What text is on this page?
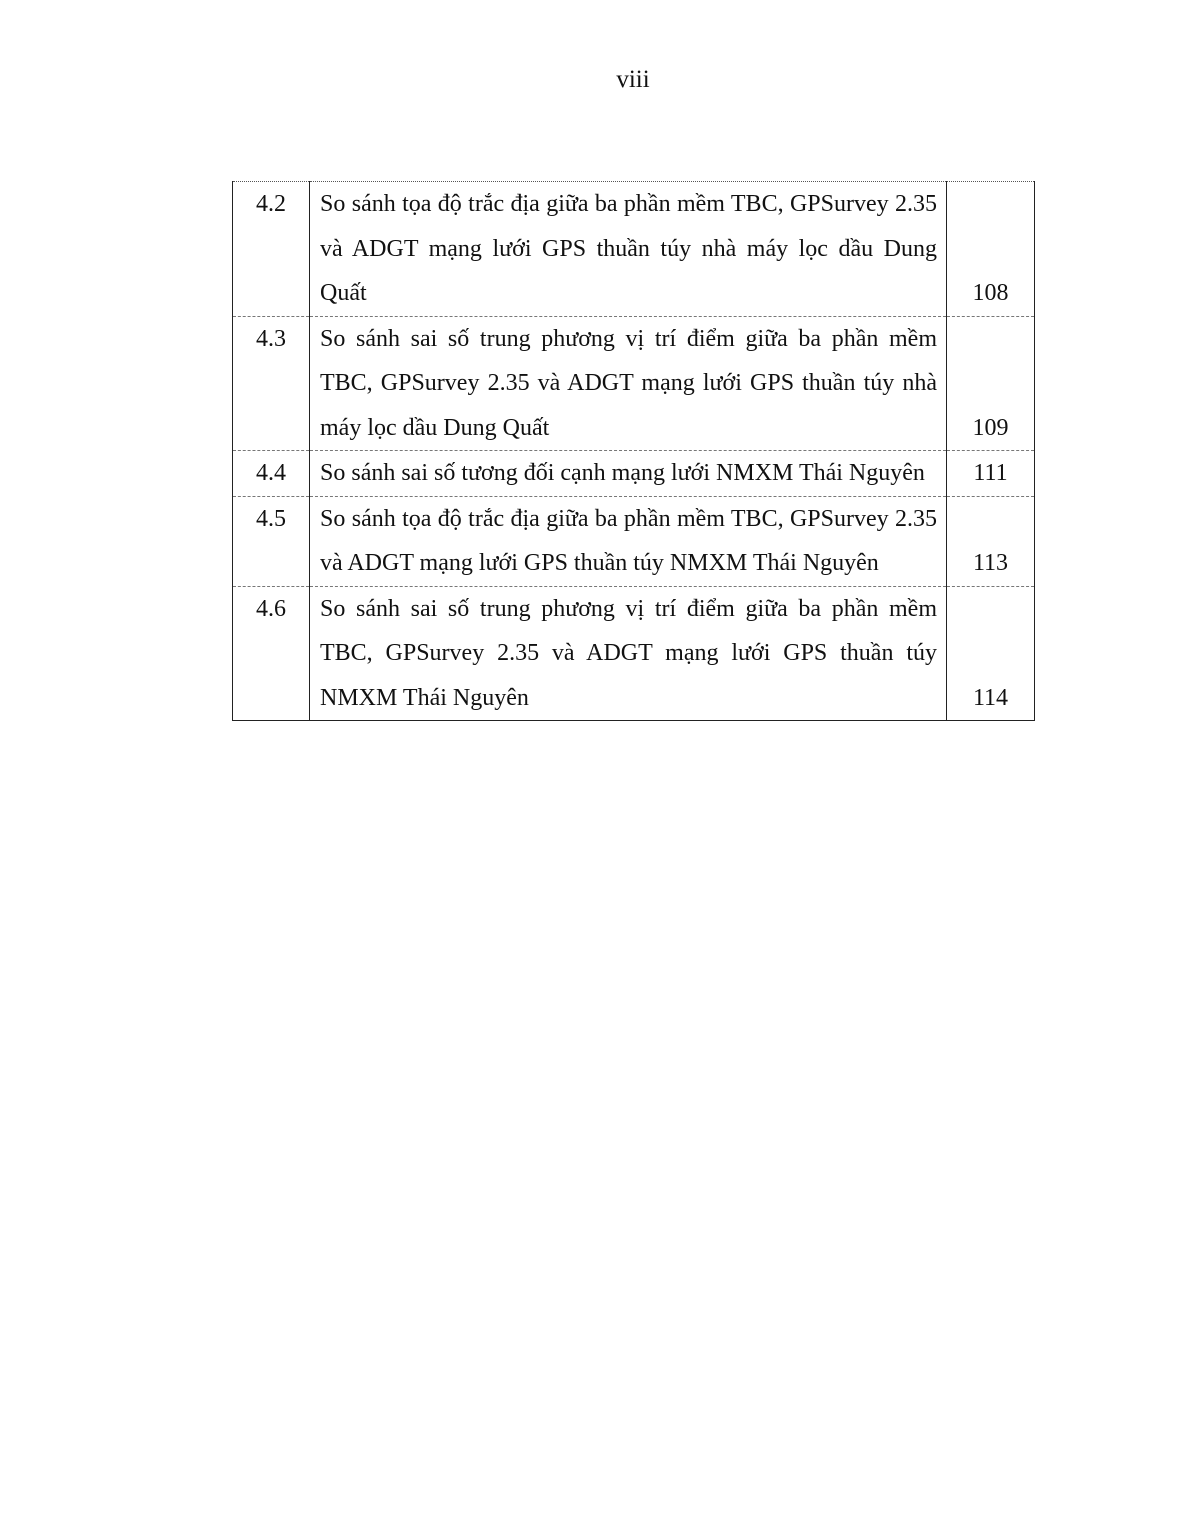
viii
4.2	So sánh tọa độ trắc địa giữa ba phần mềm TBC, GPSurvey 2.35 và ADGT mạng lưới GPS thuần túy nhà máy lọc dầu Dung Quất	108
4.3	So sánh sai số trung phương vị trí điểm giữa ba phần mềm TBC, GPSurvey 2.35 và ADGT mạng lưới GPS thuần túy nhà máy lọc dầu Dung Quất	109
4.4	So sánh sai số tương đối cạnh mạng lưới NMXM Thái Nguyên	111
4.5	So sánh tọa độ trắc địa giữa ba phần mềm TBC, GPSurvey 2.35 và ADGT mạng lưới GPS thuần túy NMXM Thái Nguyên	113
4.6	So sánh sai số trung phương vị trí điểm giữa ba phần mềm TBC, GPSurvey 2.35 và ADGT mạng lưới GPS thuần túy NMXM Thái Nguyên	114
